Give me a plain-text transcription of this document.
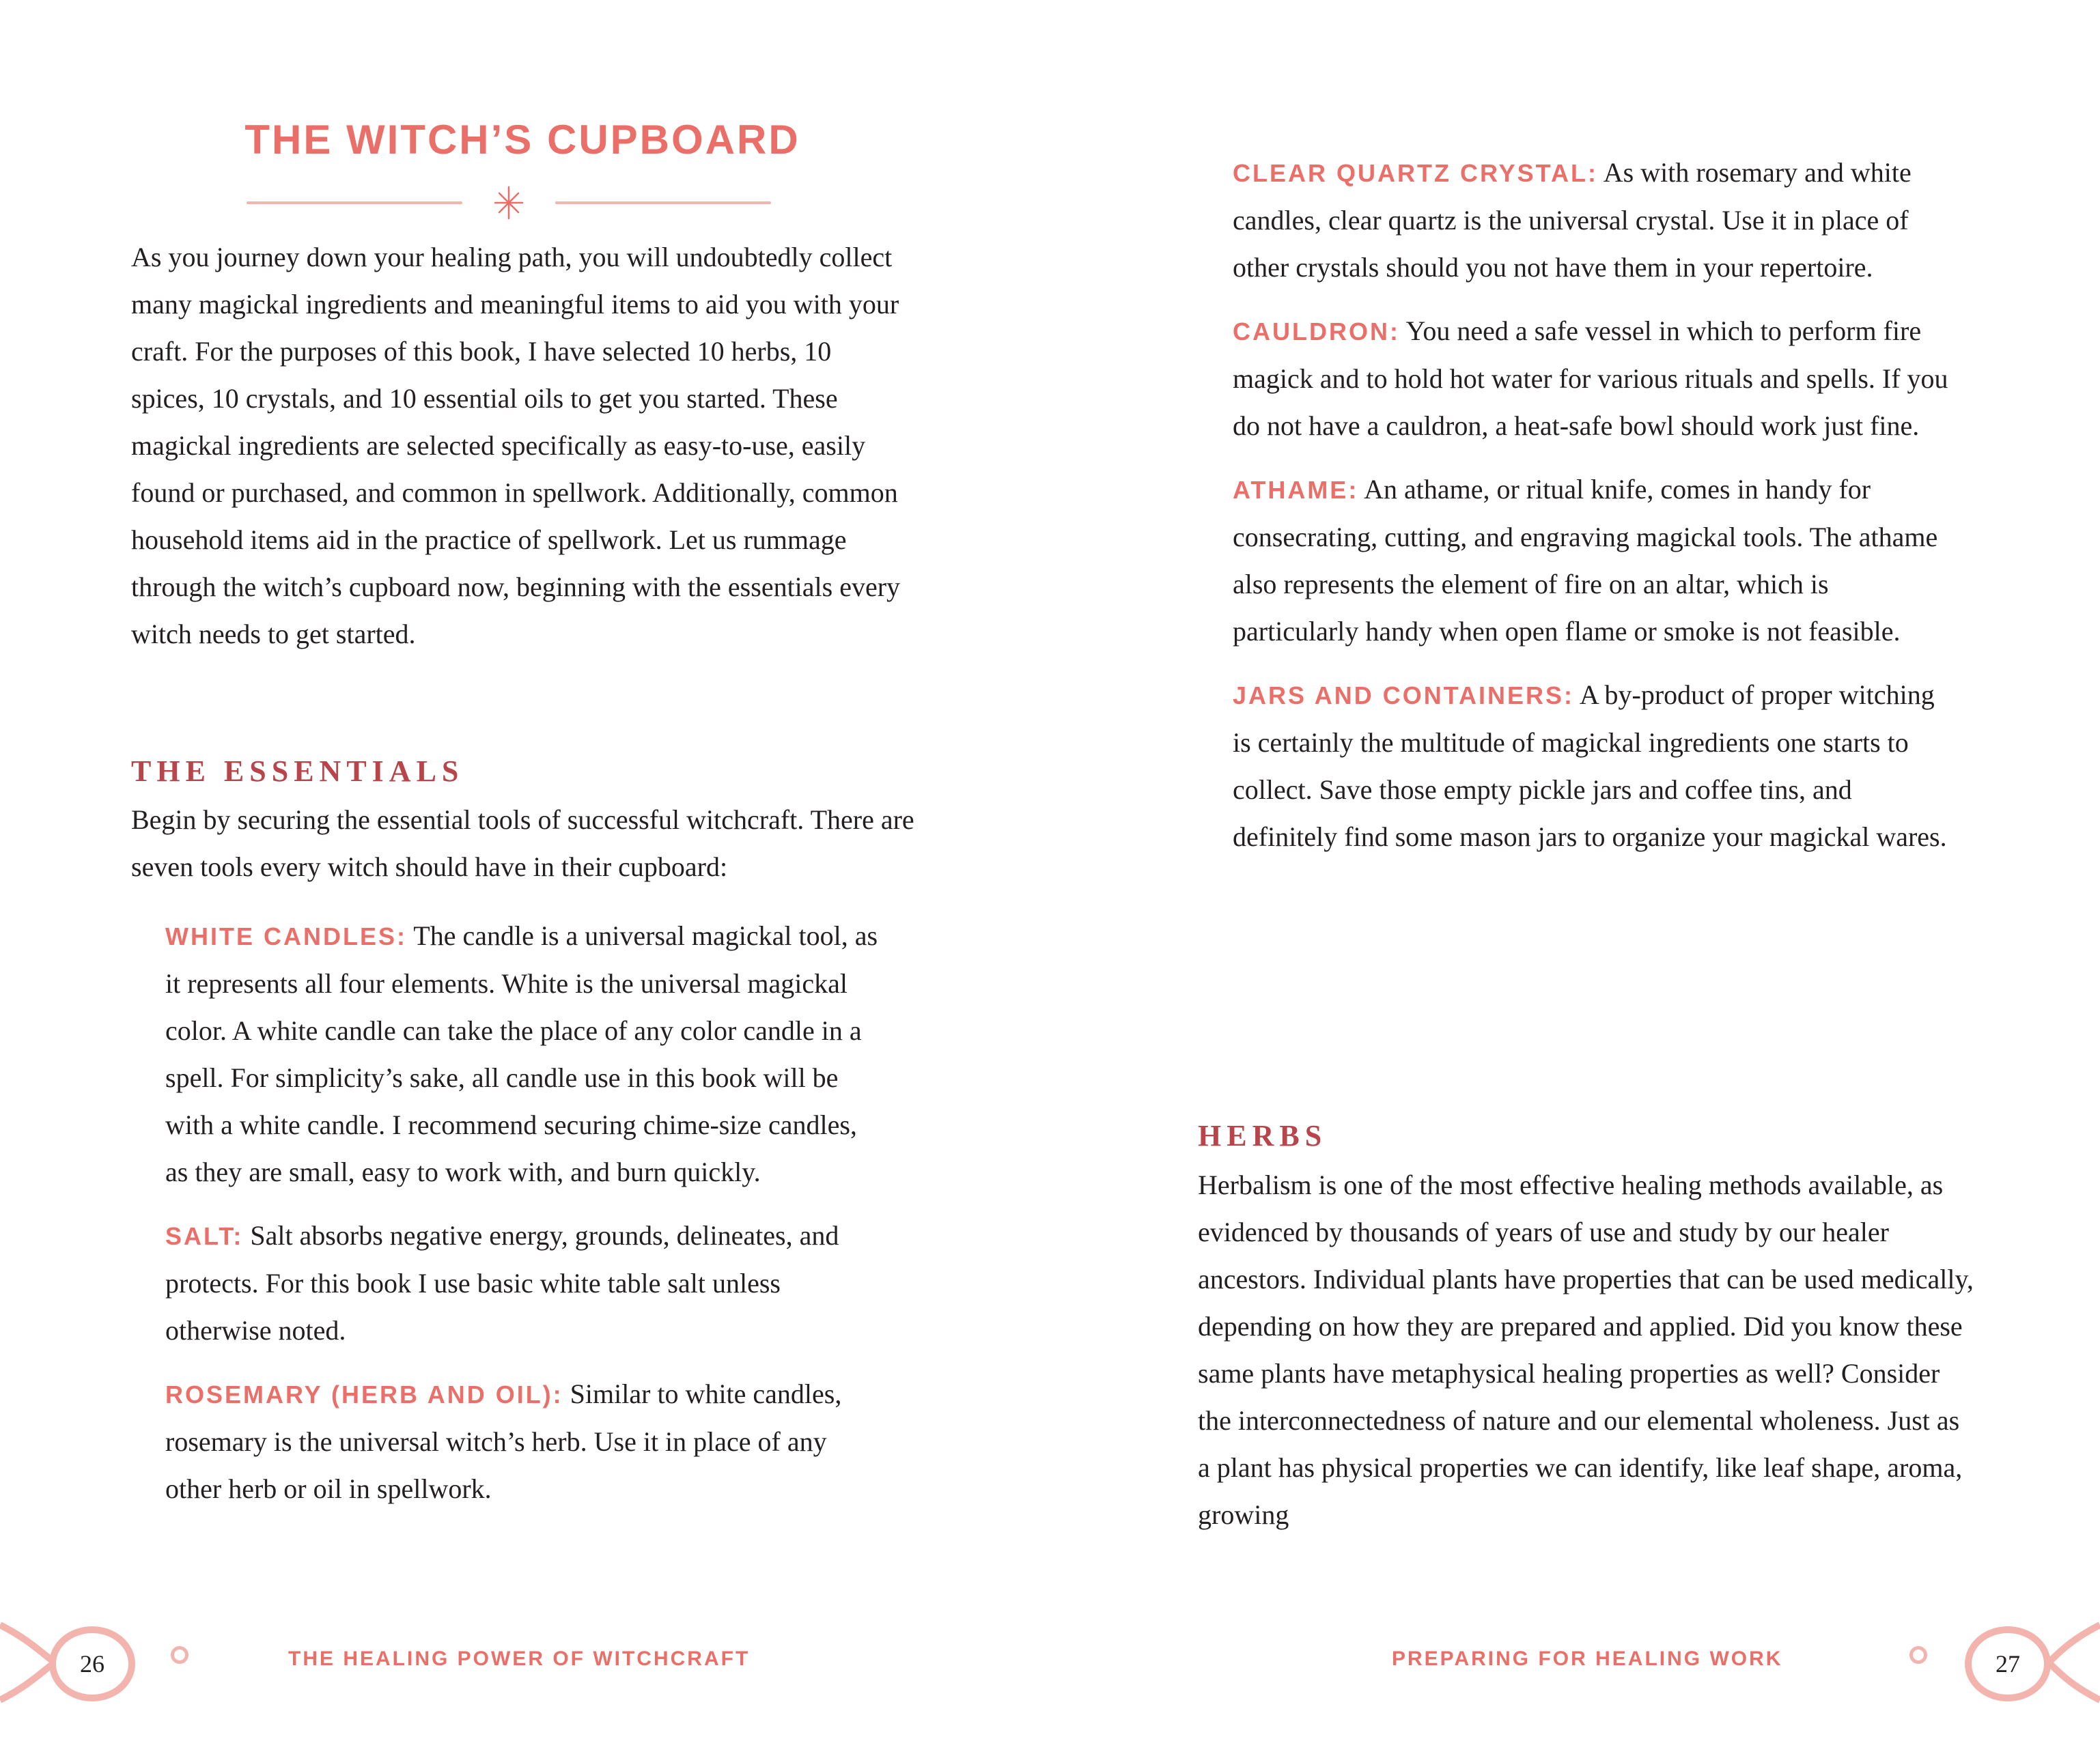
THE WITCH’S CUPBOARD

As you journey down your healing path, you will undoubtedly collect many magickal ingredients and meaningful items to aid you with your craft. For the purposes of this book, I have selected 10 herbs, 10 spices, 10 crystals, and 10 essential oils to get you started. These magickal ingredients are selected specifically as easy-to-use, easily found or purchased, and common in spellwork. Additionally, common household items aid in the practice of spellwork. Let us rummage through the witch’s cupboard now, beginning with the essentials every witch needs to get started.

THE ESSENTIALS

Begin by securing the essential tools of successful witchcraft. There are seven tools every witch should have in their cupboard:

WHITE CANDLES: The candle is a universal magickal tool, as it represents all four elements. White is the universal magickal color. A white candle can take the place of any color candle in a spell. For simplicity’s sake, all candle use in this book will be with a white candle. I recommend securing chime-size candles, as they are small, easy to work with, and burn quickly.

SALT: Salt absorbs negative energy, grounds, delineates, and protects. For this book I use basic white table salt unless otherwise noted.

ROSEMARY (HERB AND OIL): Similar to white candles, rosemary is the universal witch’s herb. Use it in place of any other herb or oil in spellwork.

26	THE HEALING POWER OF WITCHCRAFT

CLEAR QUARTZ CRYSTAL: As with rosemary and white candles, clear quartz is the universal crystal. Use it in place of other crystals should you not have them in your repertoire.

CAULDRON: You need a safe vessel in which to perform fire magick and to hold hot water for various rituals and spells. If you do not have a cauldron, a heat-safe bowl should work just fine.

ATHAME: An athame, or ritual knife, comes in handy for consecrating, cutting, and engraving magickal tools. The athame also represents the element of fire on an altar, which is particularly handy when open flame or smoke is not feasible.

JARS AND CONTAINERS: A by-product of proper witching is certainly the multitude of magickal ingredients one starts to collect. Save those empty pickle jars and coffee tins, and definitely find some mason jars to organize your magickal wares.

HERBS

Herbalism is one of the most effective healing methods available, as evidenced by thousands of years of use and study by our healer ancestors. Individual plants have properties that can be used medically, depending on how they are prepared and applied. Did you know these same plants have metaphysical healing properties as well? Consider the interconnectedness of nature and our elemental wholeness. Just as a plant has physical properties we can identify, like leaf shape, aroma, growing

PREPARING FOR HEALING WORK	27
